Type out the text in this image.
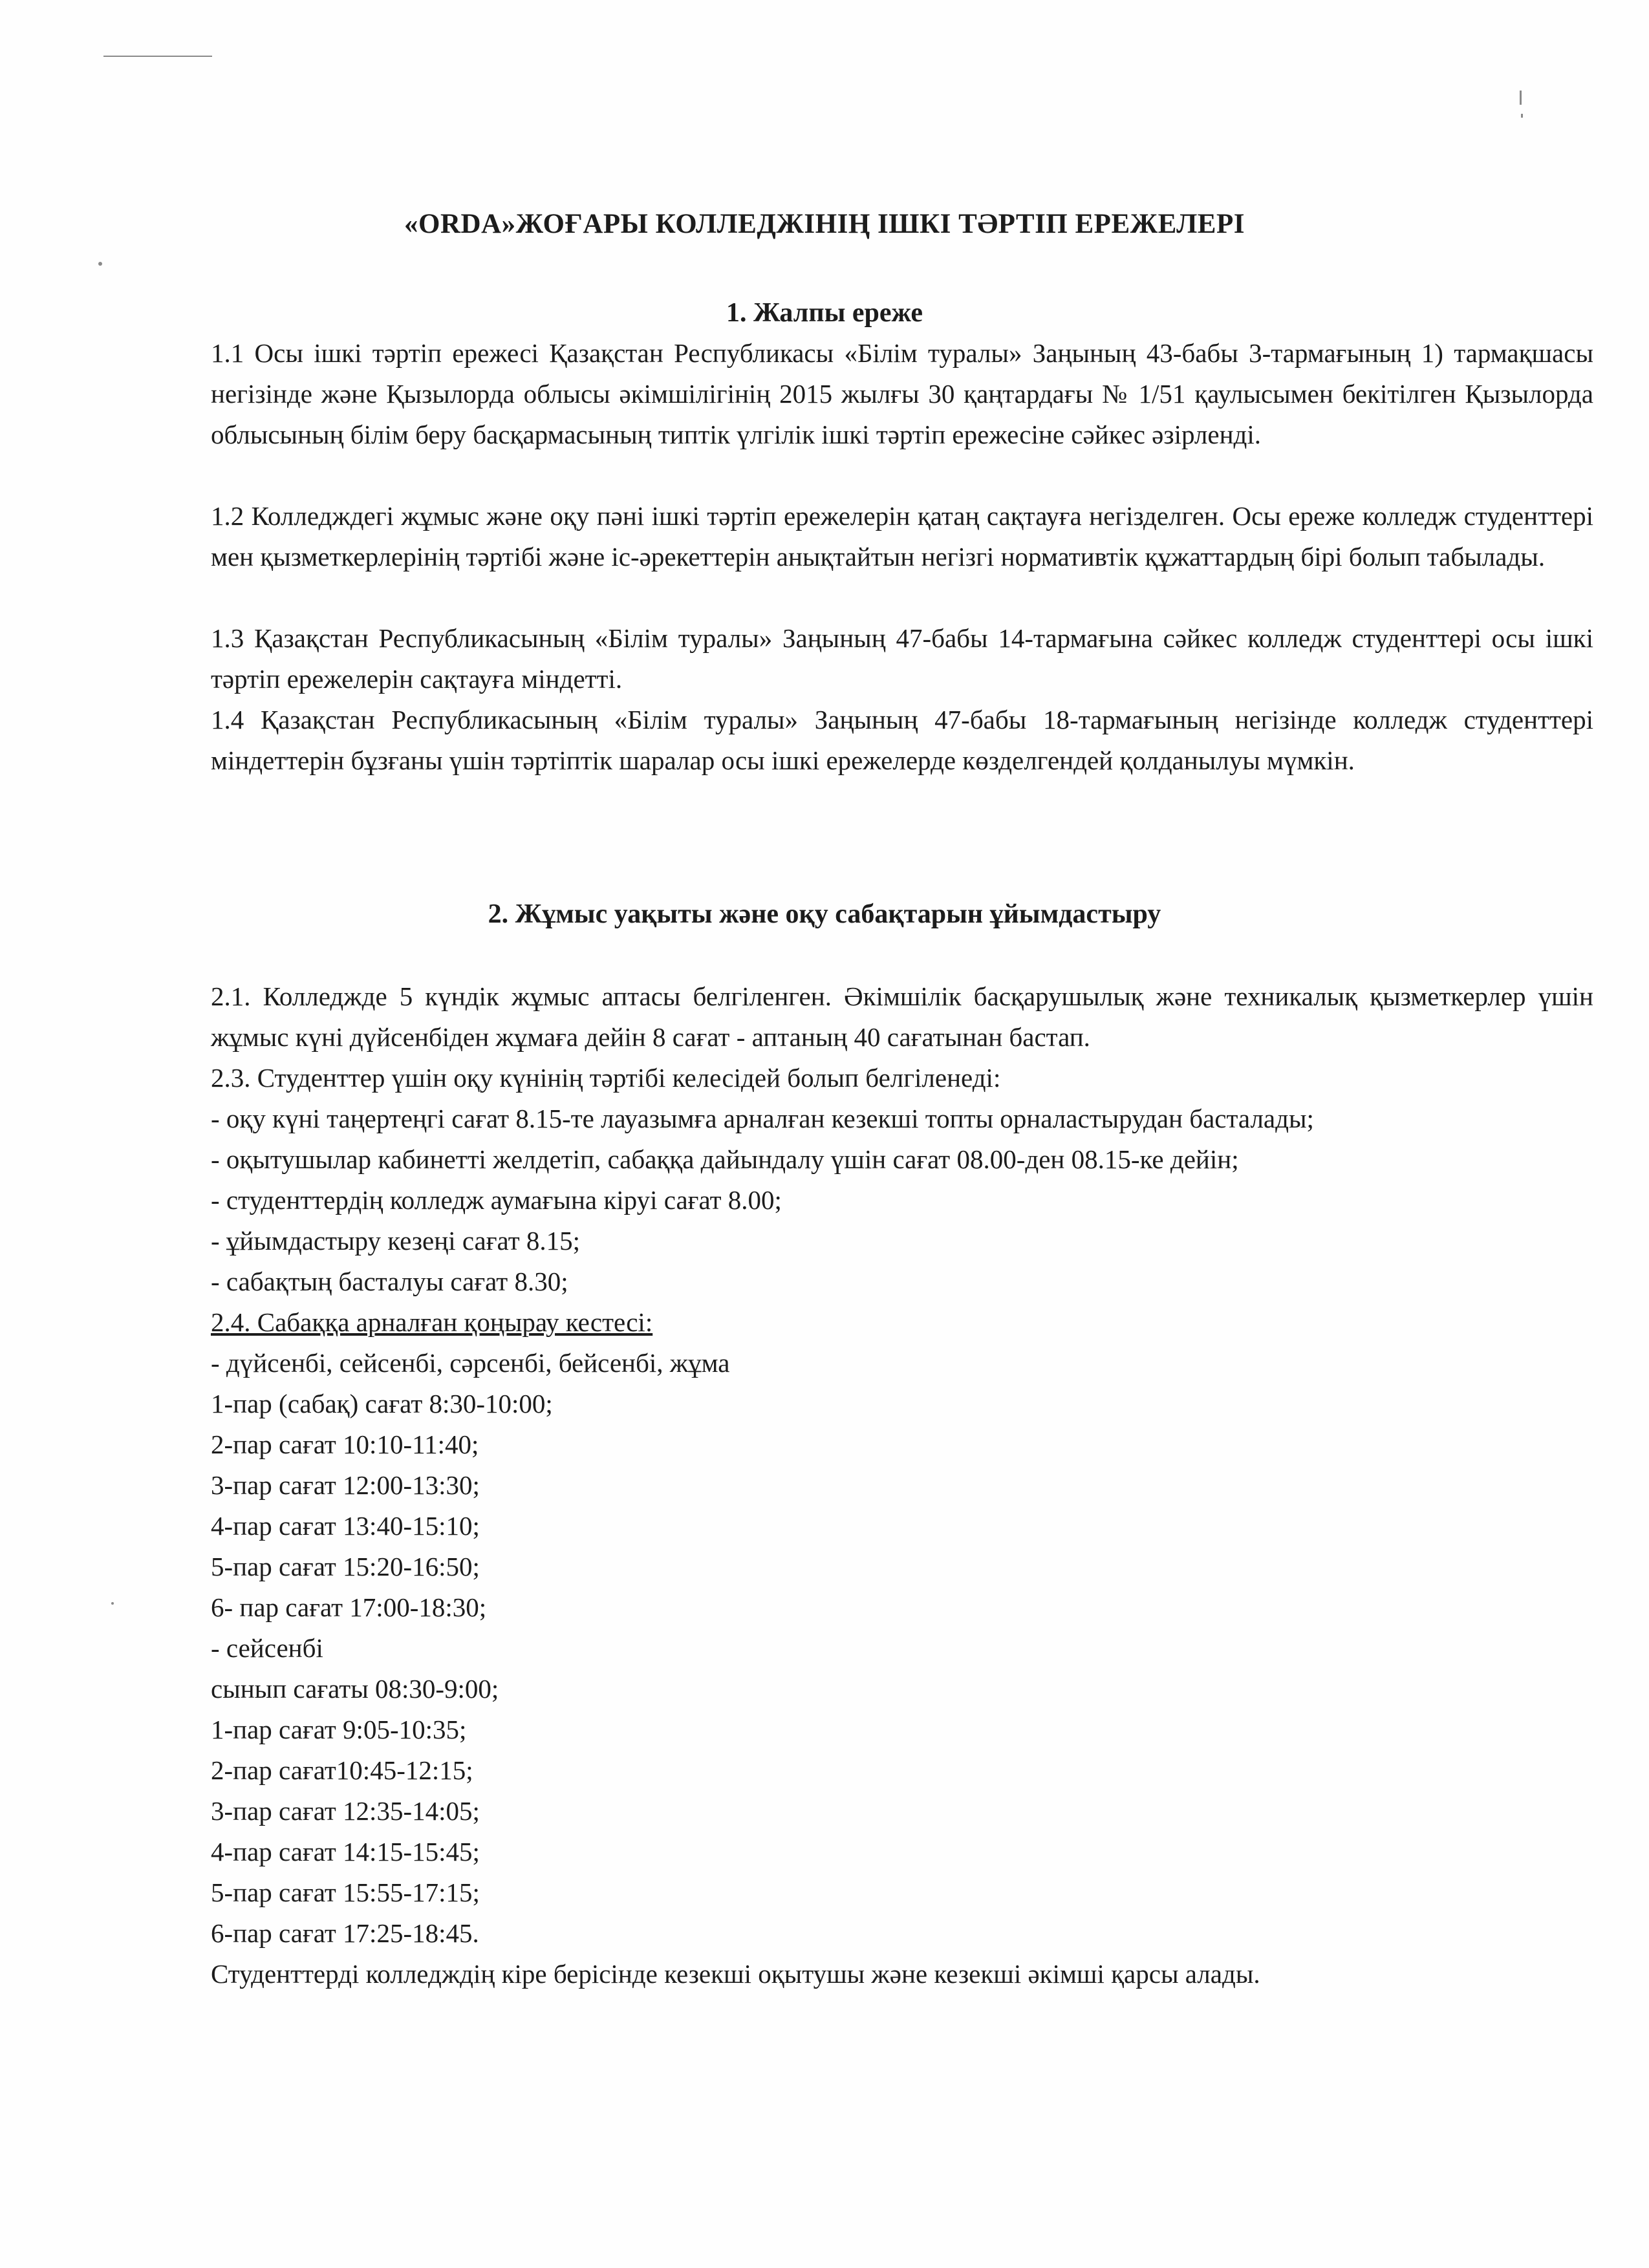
«ORDA»ЖОҒАРЫ КОЛЛЕДЖІНІҢ ІШКІ ТӘРТІП ЕРЕЖЕЛЕРІ
1. Жалпы ереже

1.1 Осы ішкі тәртіп ережесі Қазақстан Республикасы «Білім туралы» Заңының 43-бабы 3-тармағының 1) тармақшасы негізінде және Қызылорда облысы әкімшілігінің 2015 жылғы 30 қаңтардағы № 1/51 қаулысымен бекітілген Қызылорда облысының білім беру басқармасының типтік үлгілік ішкі тәртіп ережесіне сәйкес әзірленді.

1.2 Колледждегі жұмыс және оқу пәні ішкі тәртіп ережелерін қатаң сақтауға негізделген. Осы ереже колледж студенттері мен қызметкерлерінің тәртібі және іс-әрекеттерін анықтайтын негізгі нормативтік құжаттардың бірі болып табылады.

1.3 Қазақстан Республикасының «Білім туралы» Заңының 47-бабы 14-тармағына сәйкес колледж студенттері осы ішкі тәртіп ережелерін сақтауға міндетті.

1.4 Қазақстан Республикасының «Білім туралы» Заңының 47-бабы 18-тармағының негізінде колледж студенттері міндеттерін бұзғаны үшін тәртіптік шаралар осы ішкі ережелерде көзделгендей қолданылуы мүмкін.

2. Жұмыс уақыты және оқу сабақтарын ұйымдастыру

2.1. Колледжде 5 күндік жұмыс аптасы белгіленген. Әкімшілік басқарушылық және техникалық қызметкерлер үшін жұмыс күні дүйсенбіден жұмаға дейін 8 сағат - аптаның 40 сағатынан бастап.

2.3. Студенттер үшін оқу күнінің тәртібі келесідей болып белгіленеді:

- оқу күні таңертеңгі сағат 8.15-те лауазымға арналған кезекші топты орналастырудан басталады;

- оқытушылар кабинетті желдетіп, сабаққа дайындалу үшін сағат 08.00-ден 08.15-ке дейін;

- студенттердің колледж аумағына кіруі сағат 8.00;

- ұйымдастыру кезеңі сағат 8.15;

- сабақтың басталуы сағат 8.30;

2.4. Сабаққа арналған қоңырау кестесі:

- дүйсенбі, сейсенбі, сәрсенбі, бейсенбі, жұма

1-пар (сабақ) сағат 8:30-10:00;

2-пар сағат 10:10-11:40;

3-пар сағат 12:00-13:30;

4-пар сағат 13:40-15:10;

5-пар сағат 15:20-16:50;

6- пар сағат 17:00-18:30;

- сейсенбі

сынып сағаты 08:30-9:00;

1-пар сағат 9:05-10:35;

2-пар сағат10:45-12:15;

3-пар сағат 12:35-14:05;

4-пар сағат 14:15-15:45;

5-пар сағат 15:55-17:15;

6-пар сағат 17:25-18:45.

Студенттерді колледждің кіре берісінде кезекші оқытушы және кезекші әкімші қарсы алады.
